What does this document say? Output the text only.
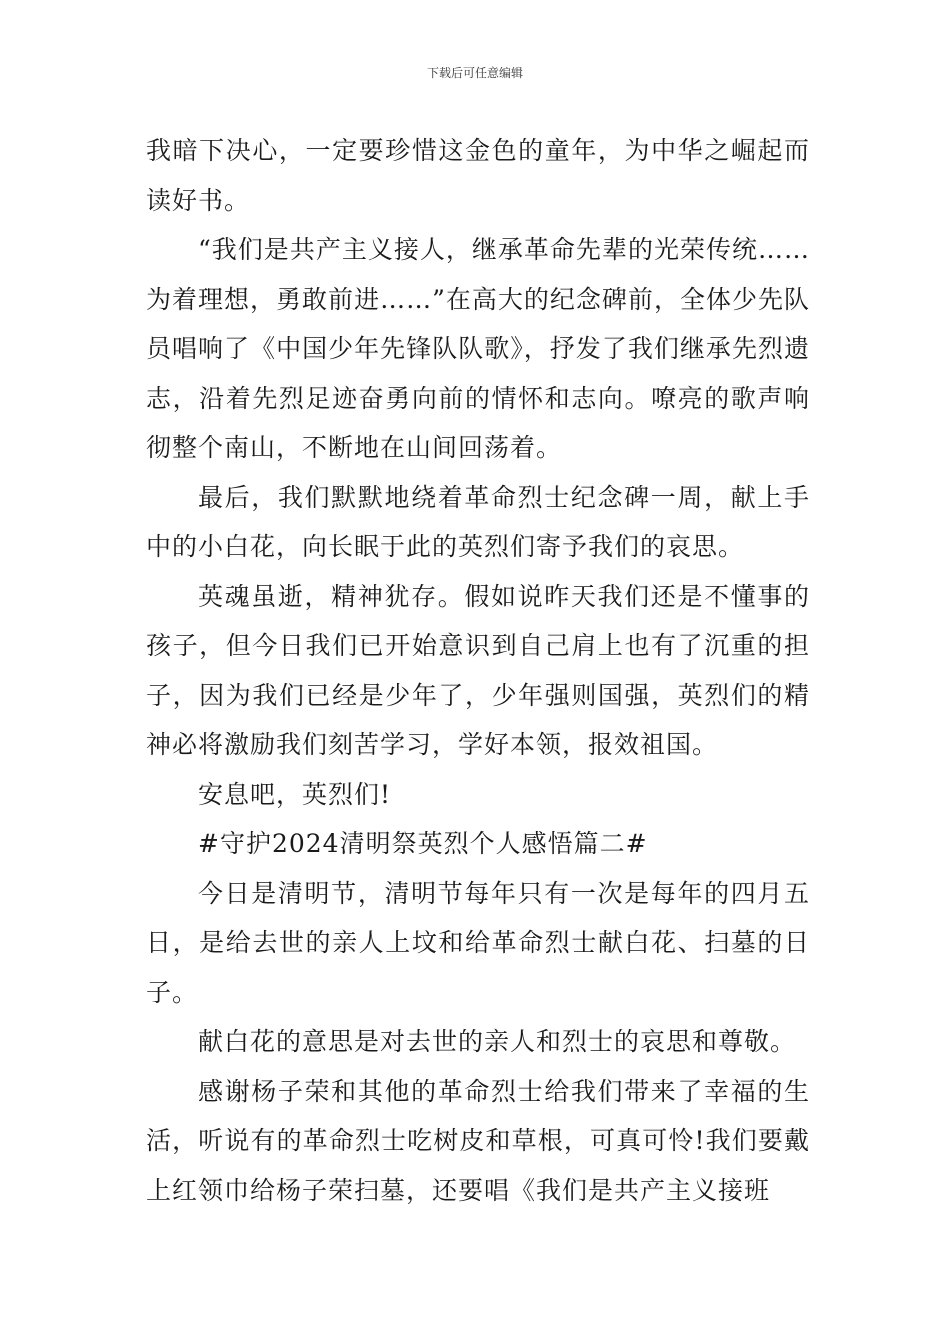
下载后可任意编辑

我暗下决心，一定要珍惜这金色的童年，为中华之崛起而读好书。

“我们是共产主义接人，继承革命先辈的光荣传统……为着理想，勇敢前进……”在高大的纪念碑前，全体少先队员唱响了《中国少年先锋队队歌》，抒发了我们继承先烈遗志，沿着先烈足迹奋勇向前的情怀和志向。嘹亮的歌声响彻整个南山，不断地在山间回荡着。

最后，我们默默地绕着革命烈士纪念碑一周，献上手中的小白花，向长眠于此的英烈们寄予我们的哀思。

英魂虽逝，精神犹存。假如说昨天我们还是不懂事的孩子，但今日我们已开始意识到自己肩上也有了沉重的担子，因为我们已经是少年了，少年强则国强，英烈们的精神必将激励我们刻苦学习，学好本领，报效祖国。

安息吧，英烈们!

#守护2024清明祭英烈个人感悟篇二#

今日是清明节，清明节每年只有一次是每年的四月五日，是给去世的亲人上坟和给革命烈士献白花、扫墓的日子。

献白花的意思是对去世的亲人和烈士的哀思和尊敬。

感谢杨子荣和其他的革命烈士给我们带来了幸福的生活，听说有的革命烈士吃树皮和草根，可真可怜!我们要戴上红领巾给杨子荣扫墓，还要唱《我们是共产主义接班
